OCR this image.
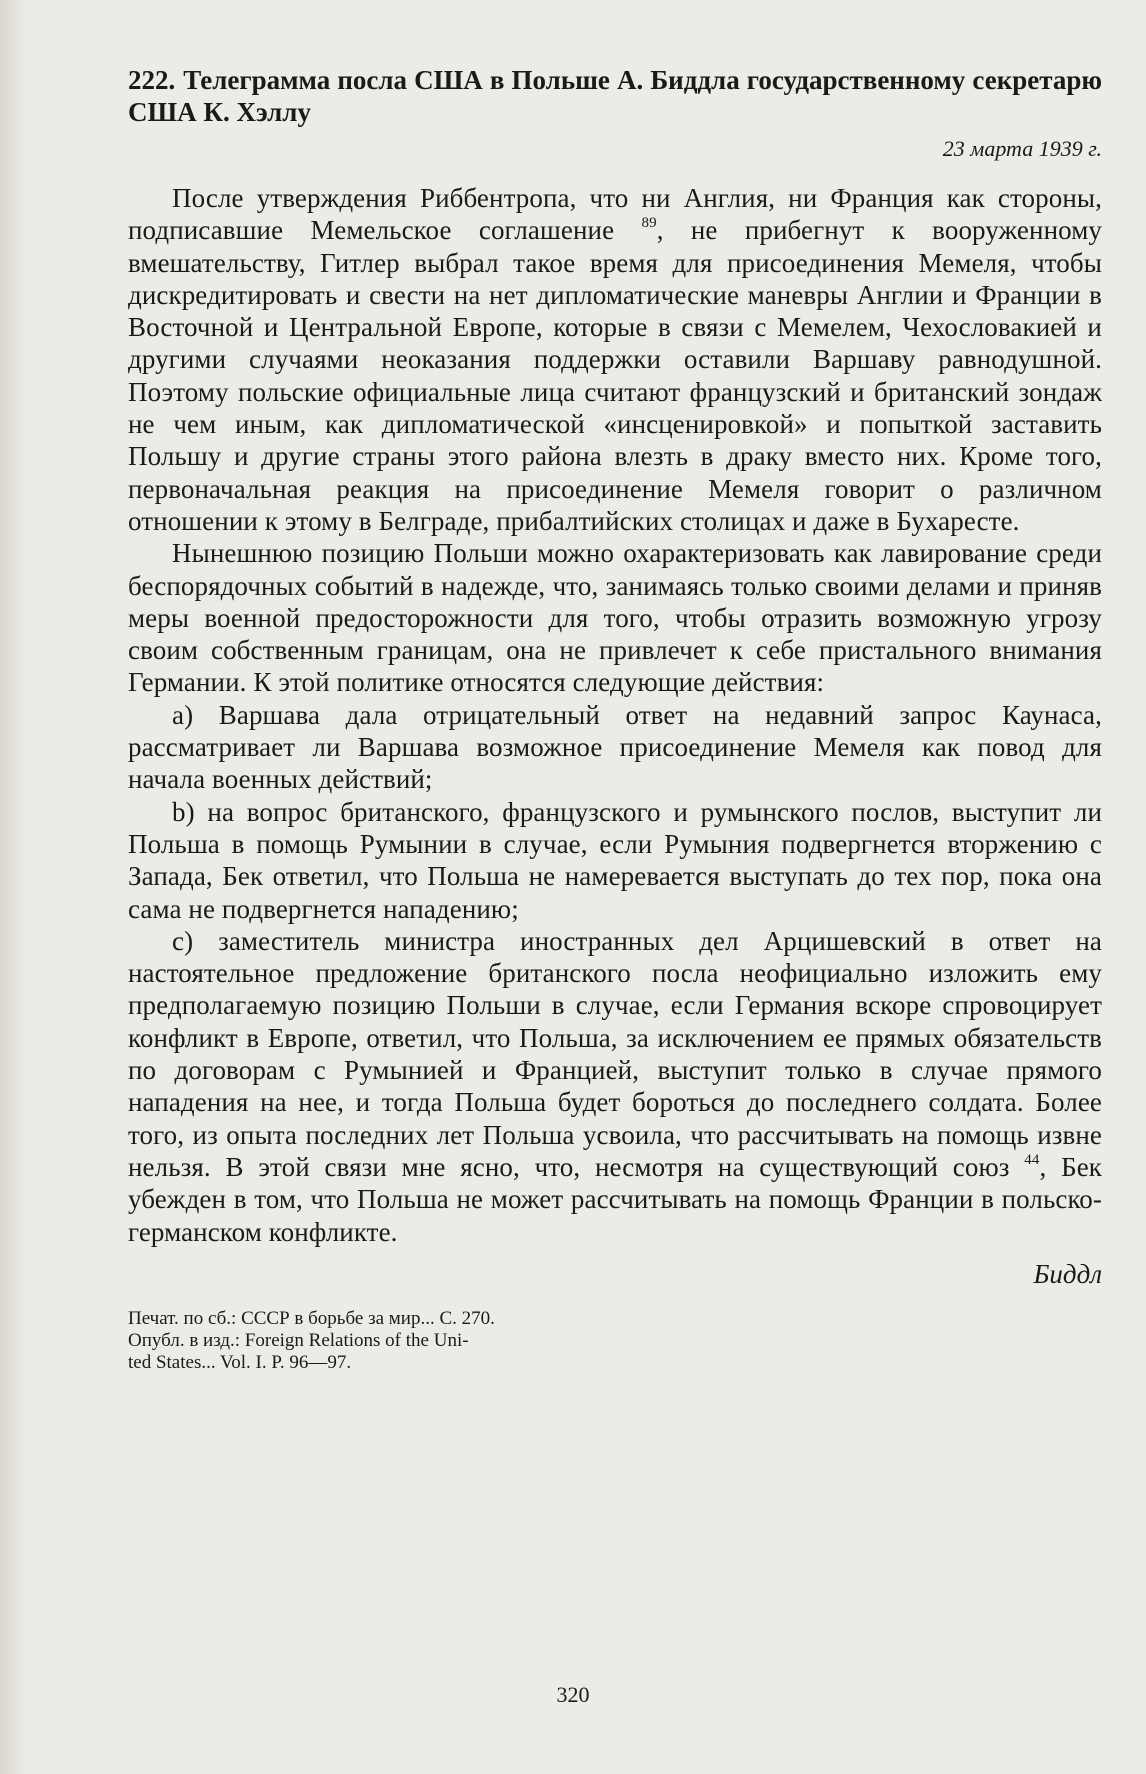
222. Телеграмма посла США в Польше А. Биддла государственному секретарю США К. Хэллу
23 марта 1939 г.

После утверждения Риббентропа, что ни Англия, ни Франция как стороны, подписавшие Мемельское соглашение $^{89}$, не прибегнут к вооруженному вмешательству, Гитлер выбрал такое время для присоединения Мемеля, чтобы дискредитировать и свести на нет дипломатические маневры Англии и Франции в Восточной и Центральной Европе, которые в связи с Мемелем, Чехословакией и другими случаями неоказания поддержки оставили Варшаву равнодушной. Поэтому польские официальные лица считают французский и британский зондаж не чем иным, как дипломатической «инсценировкой» и попыткой заставить Польшу и другие страны этого района влезть в драку вместо них. Кроме того, первоначальная реакция на присоединение Мемеля говорит о различном отношении к этому в Белграде, прибалтийских столицах и даже в Бухаресте.

Нынешнюю позицию Польши можно охарактеризовать как лавирование среди беспорядочных событий в надежде, что, занимаясь только своими делами и приняв меры военной предосторожности для того, чтобы отразить возможную угрозу своим собственным границам, она не привлечет к себе пристального внимания Германии. К этой политике относятся следующие действия:

а) Варшава дала отрицательный ответ на недавний запрос Каунаса, рассматривает ли Варшава возможное присоединение Мемеля как повод для начала военных действий;

b) на вопрос британского, французского и румынского послов, выступит ли Польша в помощь Румынии в случае, если Румыния подвергнется вторжению с Запада, Бек ответил, что Польша не намеревается выступать до тех пор, пока она сама не подвергнется нападению;

с) заместитель министра иностранных дел Арцишевский в ответ на настоятельное предложение британского посла неофициально изложить ему предполагаемую позицию Польши в случае, если Германия вскоре спровоцирует конфликт в Европе, ответил, что Польша, за исключением ее прямых обязательств по договорам с Румынией и Францией, выступит только в случае прямого нападения на нее, и тогда Польша будет бороться до последнего солдата. Более того, из опыта последних лет Польша усвоила, что рассчитывать на помощь извне нельзя. В этой связи мне ясно, что, несмотря на существующий союз $^{44}$, Бек убежден в том, что Польша не может рассчитывать на помощь Франции в польско-германском конфликте.

Биддл
Печат. по сб.: СССР в борьбе за мир... С. 270.
Опубл. в изд.: Foreign Relations of the Uni-
ted States... Vol. I. P. 96—97.
320
